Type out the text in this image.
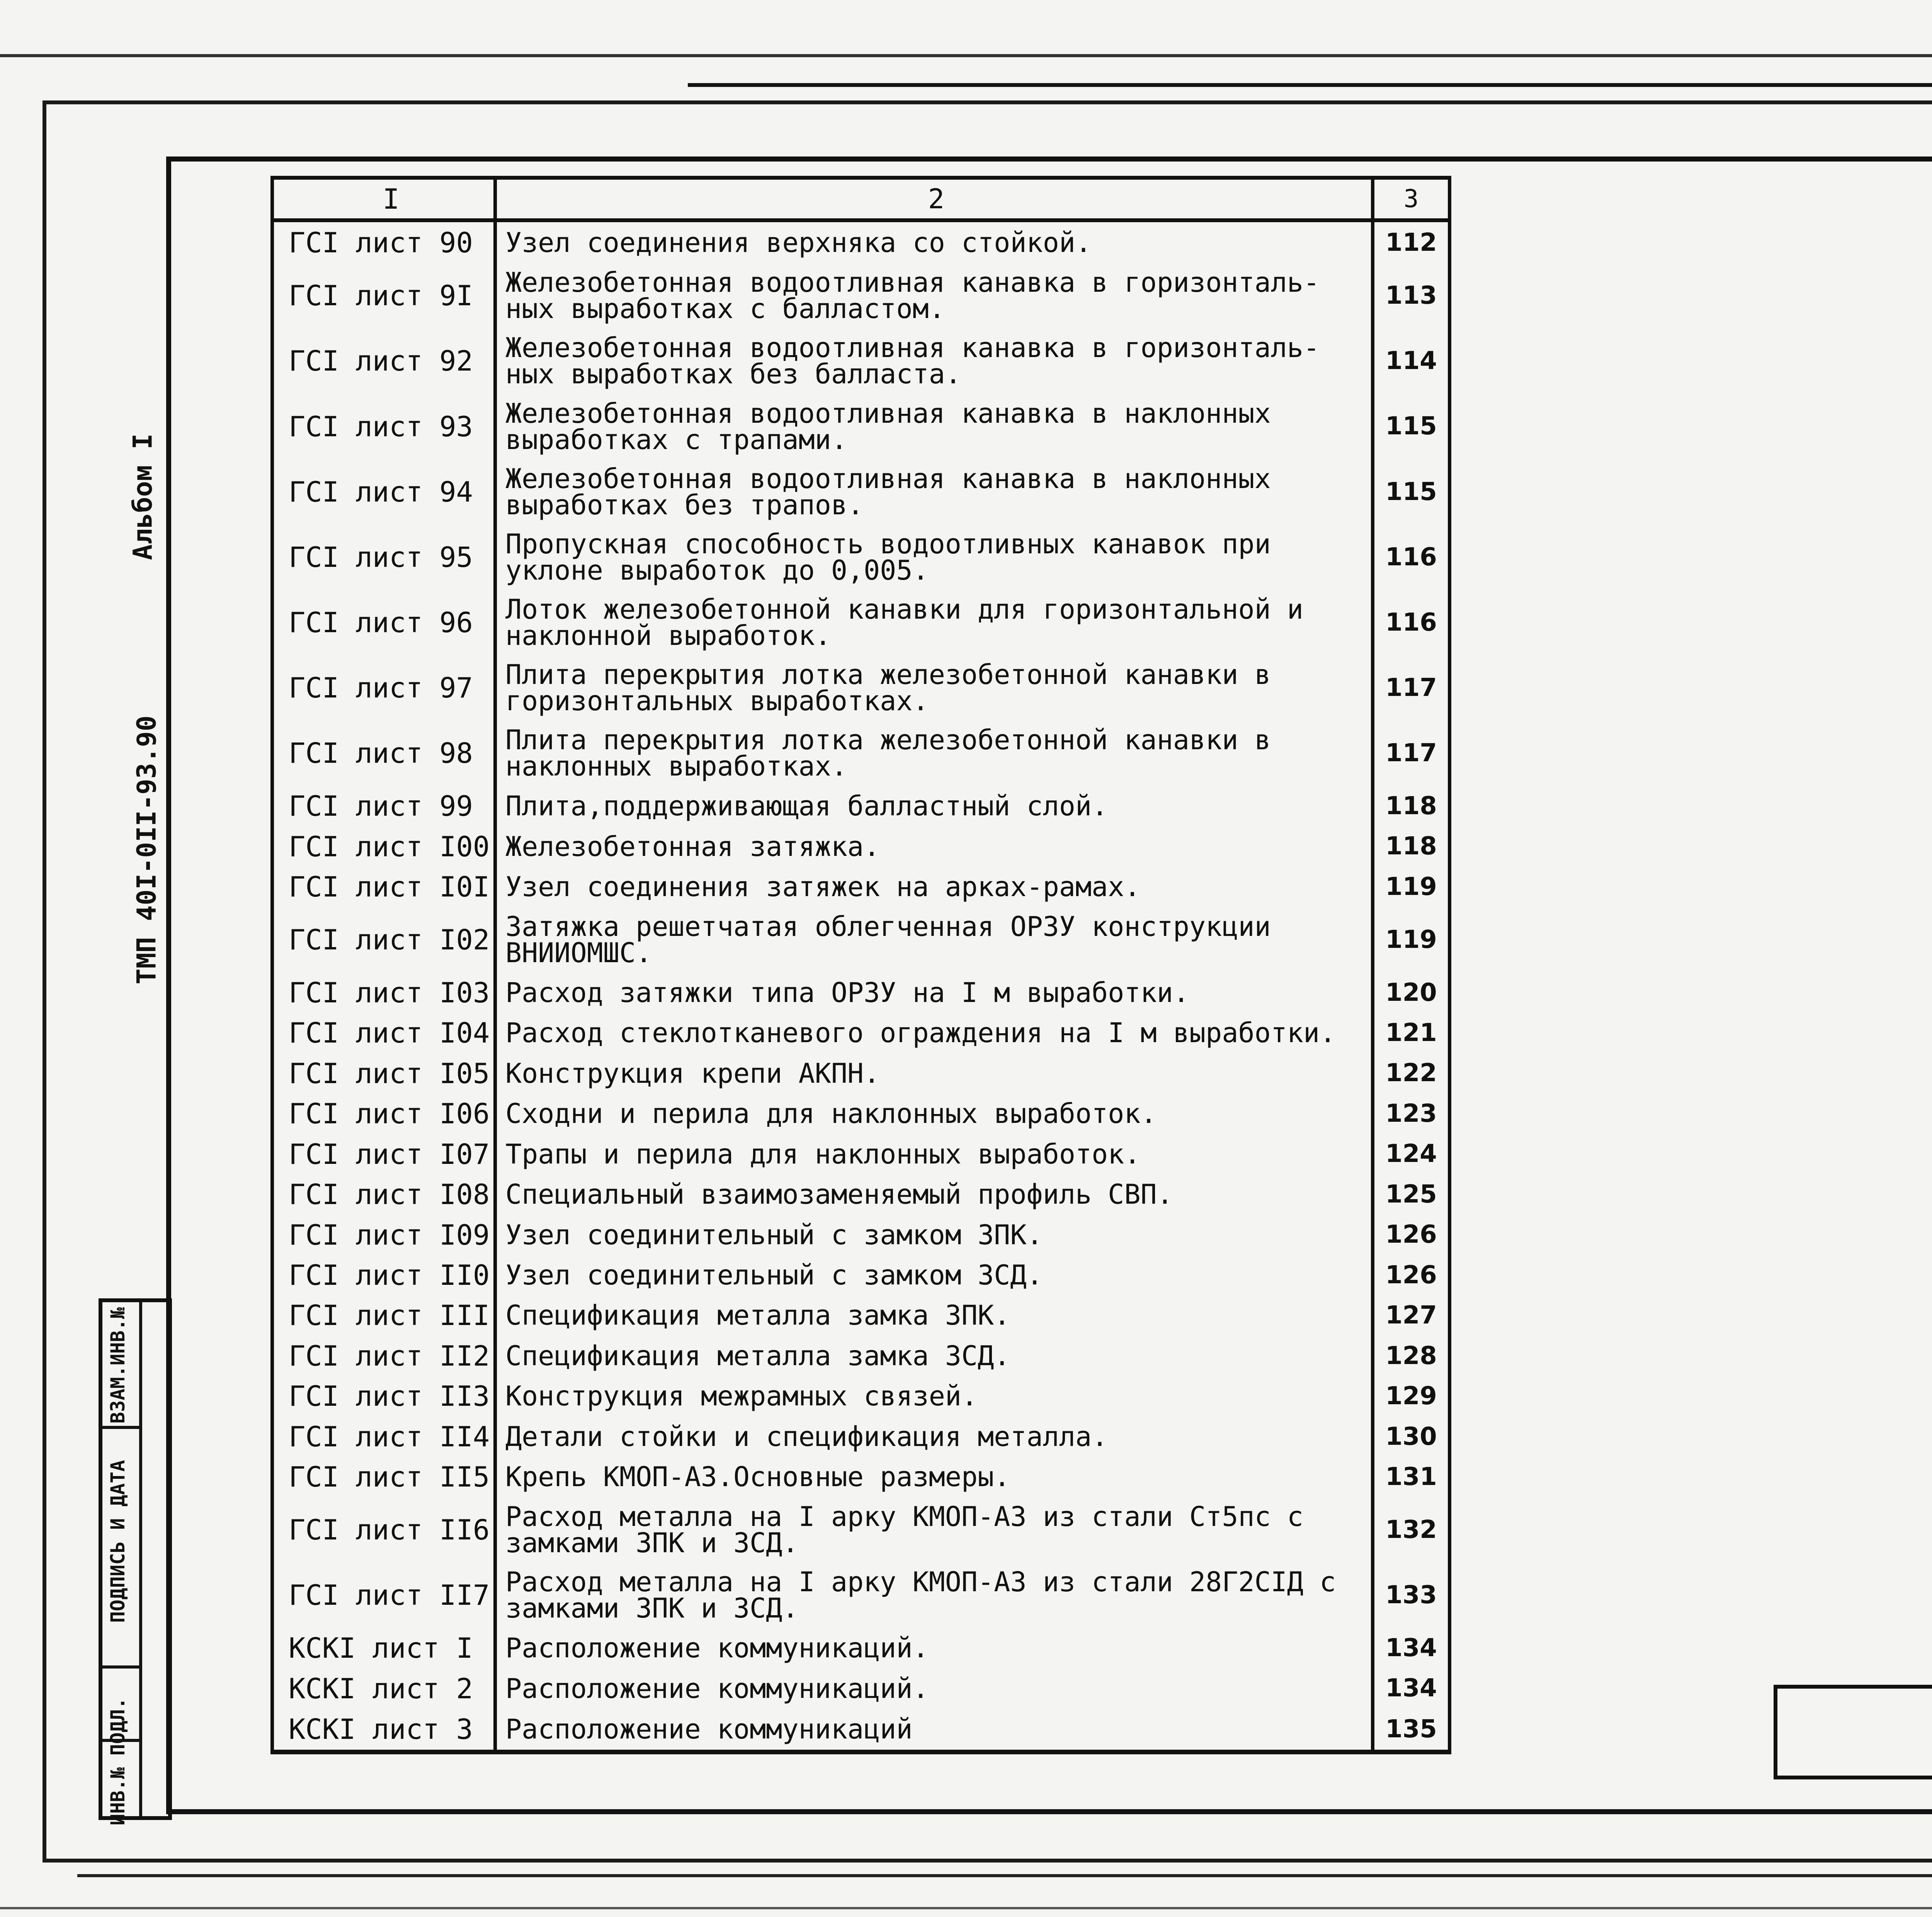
Альбом I
ТМП 40I-0II-93.90
ИНВ.№ ПОДЛ.
ПОДПИСЬ И ДАТА
ВЗАМ.ИНВ.№
I	2	3
ГСI лист 90	Узел соединения верхняка со стойкой.	112
ГСI лист 9I	Железобетонная водоотливная канавка в горизонталь-ных выработках с балластом.	113
ГСI лист 92	Железобетонная водоотливная канавка в горизонталь-ных выработках без балласта.	114
ГСI лист 93	Железобетонная водоотливная канавка в наклонных выработках с трапами.	115
ГСI лист 94	Железобетонная водоотливная канавка в наклонных выработках без трапов.	115
ГСI лист 95	Пропускная способность водоотливных канавок при уклоне выработок до 0,005.	116
ГСI лист 96	Лоток железобетонной канавки для горизонтальной и наклонной выработок.	116
ГСI лист 97	Плита перекрытия лотка железобетонной канавки в горизонтальных выработках.	117
ГСI лист 98	Плита перекрытия лотка железобетонной канавки в наклонных выработках.	117
ГСI лист 99	Плита,поддерживающая балластный слой.	118
ГСI лист I00	Железобетонная затяжка.	118
ГСI лист I0I	Узел соединения затяжек на арках-рамах.	119
ГСI лист I02	Затяжка решетчатая облегченная ОРЗУ конструкции ВНИИОМШС.	119
ГСI лист I03	Расход затяжки типа ОРЗУ на I м выработки.	120
ГСI лист I04	Расход стеклотканевого ограждения на I м выработки.	121
ГСI лист I05	Конструкция крепи АКПН.	122
ГСI лист I06	Сходни и перила для наклонных выработок.	123
ГСI лист I07	Трапы и перила для наклонных выработок.	124
ГСI лист I08	Специальный взаимозаменяемый профиль СВП.	125
ГСI лист I09	Узел соединительный с замком ЗПК.	126
ГСI лист II0	Узел соединительный с замком ЗСД.	126
ГСI лист III	Спецификация металла замка ЗПК.	127
ГСI лист II2	Спецификация металла замка ЗСД.	128
ГСI лист II3	Конструкция межрамных связей.	129
ГСI лист II4	Детали стойки и спецификация металла.	130
ГСI лист II5	Крепь КМОП-А3.Основные размеры.	131
ГСI лист II6	Расход металла на I арку КМОП-А3 из стали Ст5пс с замками ЗПК и ЗСД.	132
ГСI лист II7	Расход металла на I арку КМОП-А3 из стали 28Г2СIД с замками ЗПК и ЗСД.	133
КСКI лист I	Расположение коммуникаций.	134
КСКI лист 2	Расположение коммуникаций.	134
КСКI лист 3	Расположение коммуникаций	135
